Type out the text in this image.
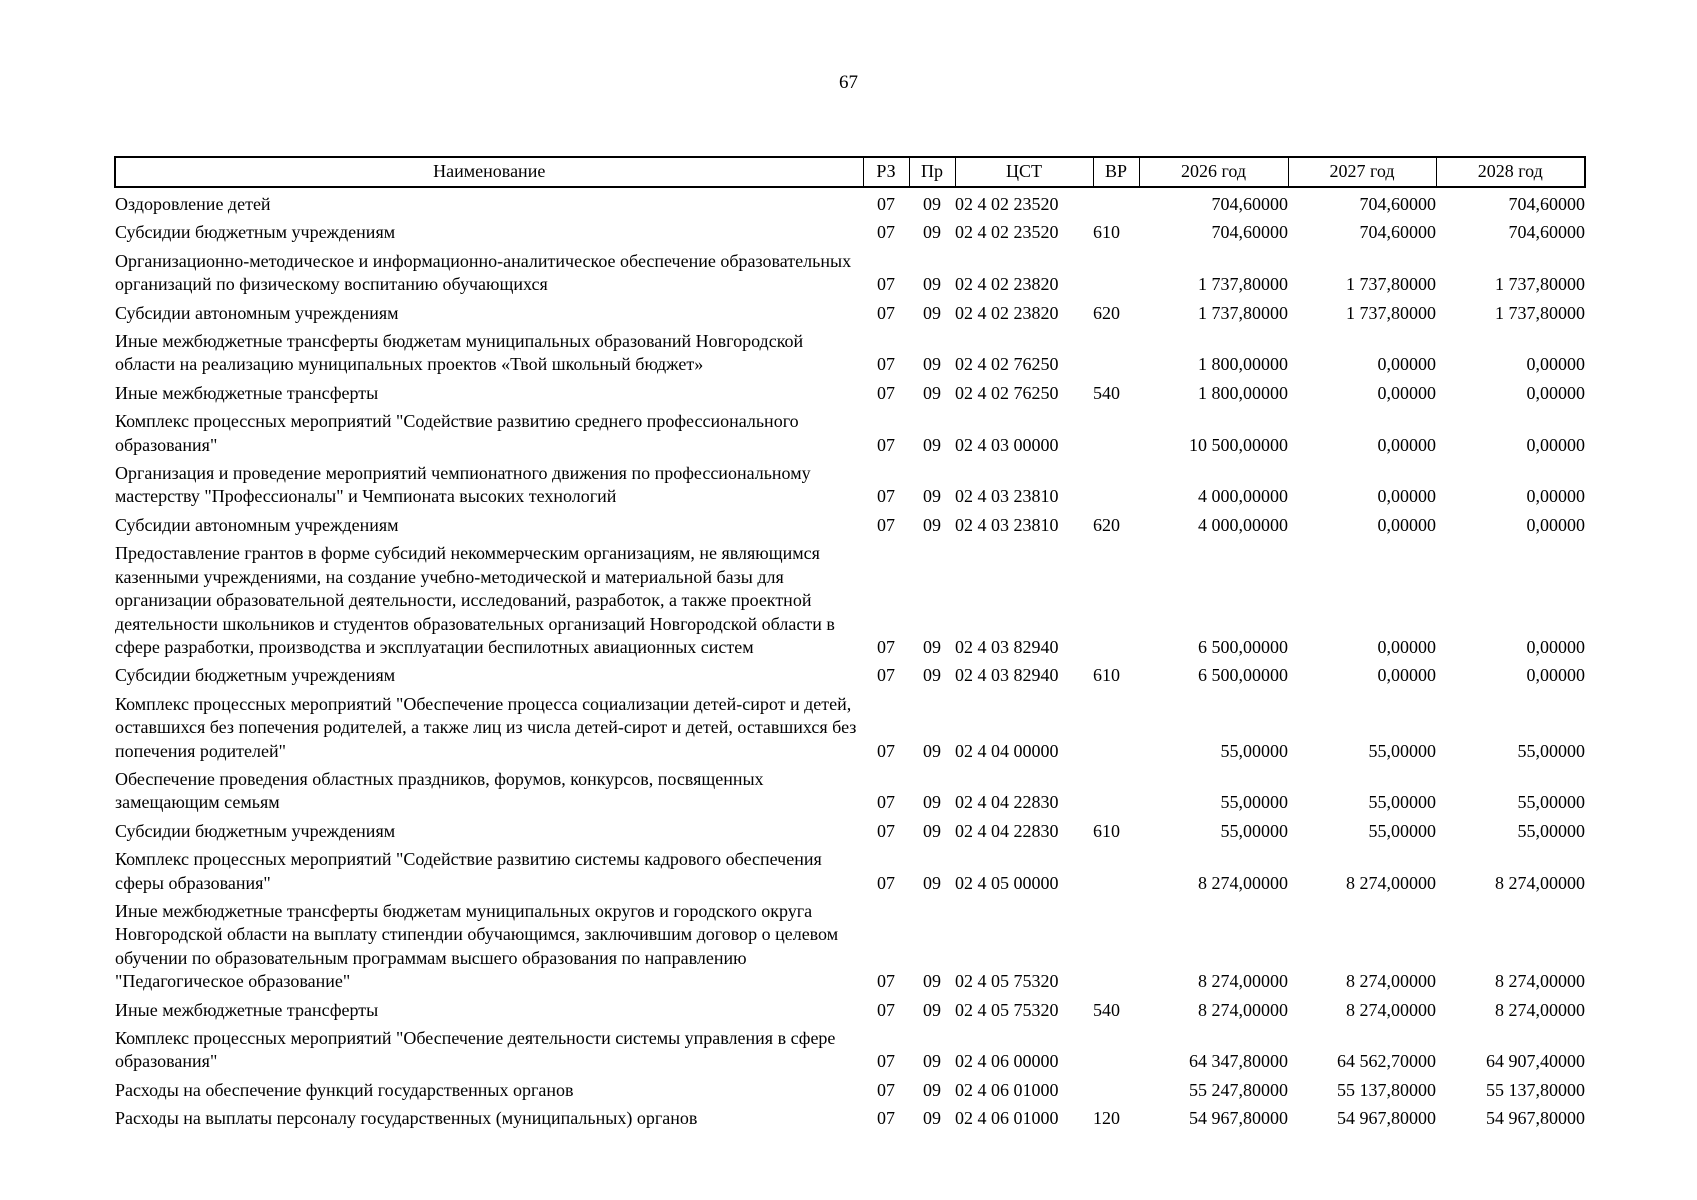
67
Наименование	РЗ	Пр	ЦСТ	ВР	2026 год	2027 год	2028 год
Оздоровление детей	07	09	02 4 02 23520		704,60000	704,60000	704,60000
Субсидии бюджетным учреждениям	07	09	02 4 02 23520	610	704,60000	704,60000	704,60000
Организационно-методическое и информационно-аналитическое обеспечение образовательных организаций по физическому воспитанию обучающихся	07	09	02 4 02 23820		1 737,80000	1 737,80000	1 737,80000
Субсидии автономным учреждениям	07	09	02 4 02 23820	620	1 737,80000	1 737,80000	1 737,80000
Иные межбюджетные трансферты бюджетам муниципальных образований Новгородской области на реализацию муниципальных проектов «Твой школьный бюджет»	07	09	02 4 02 76250		1 800,00000	0,00000	0,00000
Иные межбюджетные трансферты	07	09	02 4 02 76250	540	1 800,00000	0,00000	0,00000
Комплекс процессных мероприятий "Содействие развитию среднего профессионального образования"	07	09	02 4 03 00000		10 500,00000	0,00000	0,00000
Организация и проведение мероприятий чемпионатного движения по профессиональному мастерству "Профессионалы" и Чемпионата высоких технологий	07	09	02 4 03 23810		4 000,00000	0,00000	0,00000
Субсидии автономным учреждениям	07	09	02 4 03 23810	620	4 000,00000	0,00000	0,00000
Предоставление грантов в форме субсидий некоммерческим организациям, не являющимся казенными учреждениями, на создание учебно-методической и материальной базы для организации образовательной деятельности, исследований, разработок, а также проектной деятельности школьников и студентов образовательных организаций Новгородской области в сфере разработки, производства и эксплуатации беспилотных авиационных систем	07	09	02 4 03 82940		6 500,00000	0,00000	0,00000
Субсидии бюджетным учреждениям	07	09	02 4 03 82940	610	6 500,00000	0,00000	0,00000
Комплекс процессных мероприятий "Обеспечение процесса социализации детей-сирот и детей, оставшихся без попечения родителей, а также лиц из числа детей-сирот и детей, оставшихся без попечения родителей"	07	09	02 4 04 00000		55,00000	55,00000	55,00000
Обеспечение проведения областных праздников, форумов, конкурсов, посвященных замещающим семьям	07	09	02 4 04 22830		55,00000	55,00000	55,00000
Субсидии бюджетным учреждениям	07	09	02 4 04 22830	610	55,00000	55,00000	55,00000
Комплекс процессных мероприятий "Содействие развитию системы кадрового обеспечения сферы образования"	07	09	02 4 05 00000		8 274,00000	8 274,00000	8 274,00000
Иные межбюджетные трансферты бюджетам муниципальных округов и городского округа Новгородской области на выплату стипендии обучающимся, заключившим договор о целевом обучении по образовательным программам высшего образования по направлению "Педагогическое образование"	07	09	02 4 05 75320		8 274,00000	8 274,00000	8 274,00000
Иные межбюджетные трансферты	07	09	02 4 05 75320	540	8 274,00000	8 274,00000	8 274,00000
Комплекс процессных мероприятий "Обеспечение деятельности системы управления в сфере образования"	07	09	02 4 06 00000		64 347,80000	64 562,70000	64 907,40000
Расходы на обеспечение функций государственных органов	07	09	02 4 06 01000		55 247,80000	55 137,80000	55 137,80000
Расходы на выплаты персоналу государственных (муниципальных) органов	07	09	02 4 06 01000	120	54 967,80000	54 967,80000	54 967,80000
